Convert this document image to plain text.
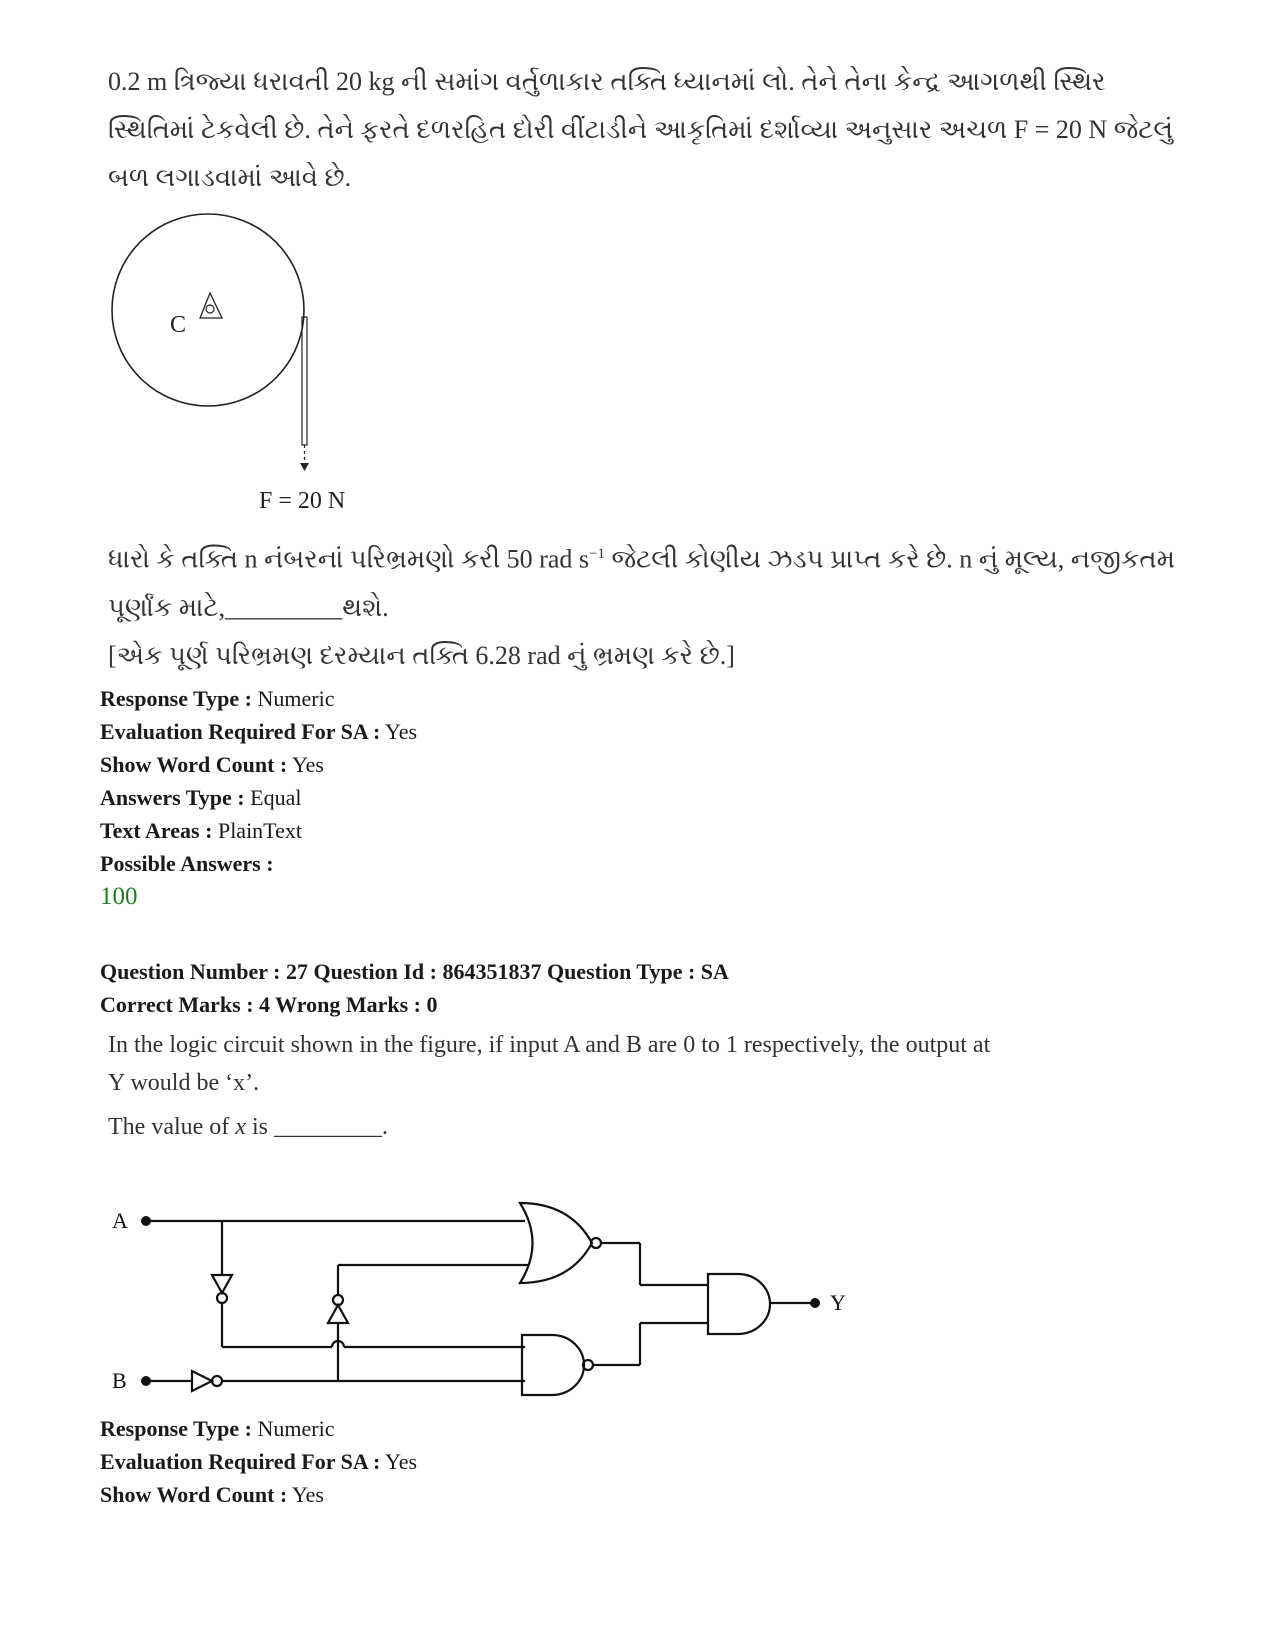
0.2 m ત્રિજ્યા ધરાવતી 20 kg ની સમાંગ વર્તુળાકાર તક્તિ ધ્યાનમાં લો. તેને તેના કેન્દ્ર આગળથી સ્થિર સ્થિતિમાં ટેકવેલી છે. તેને ફરતે દળરહિત દોરી વીંટાડીને આકૃતિમાં દર્શાવ્યા અનુસાર અચળ F = 20 N જેટલું બળ લગાડવામાં આવે છે.
C
F = 20 N
ધારો કે તક્તિ n નંબરનાં પરિભ્રમણો કરી 50 rad $s^{-1}$ જેટલી કોણીય ઝડપ પ્રાપ્ત કરે છે. n નું મૂલ્ય, નજીકતમ પૂર્ણાંક માટે,_________થશે.
[એક પૂર્ણ પરિભ્રમણ દરમ્યાન તક્તિ 6.28 rad નું ભ્રમણ કરે છે.]
Response Type : Numeric
Evaluation Required For SA : Yes
Show Word Count : Yes
Answers Type : Equal
Text Areas : PlainText
Possible Answers :
100
Question Number : 27 Question Id : 864351837 Question Type : SA
Correct Marks : 4 Wrong Marks : 0
In the logic circuit shown in the figure, if input A and B are 0 to 1 respectively, the output at
Y would be ‘x’.
The value of x is _________.
A
B
Y
Response Type : Numeric
Evaluation Required For SA : Yes
Show Word Count : Yes
